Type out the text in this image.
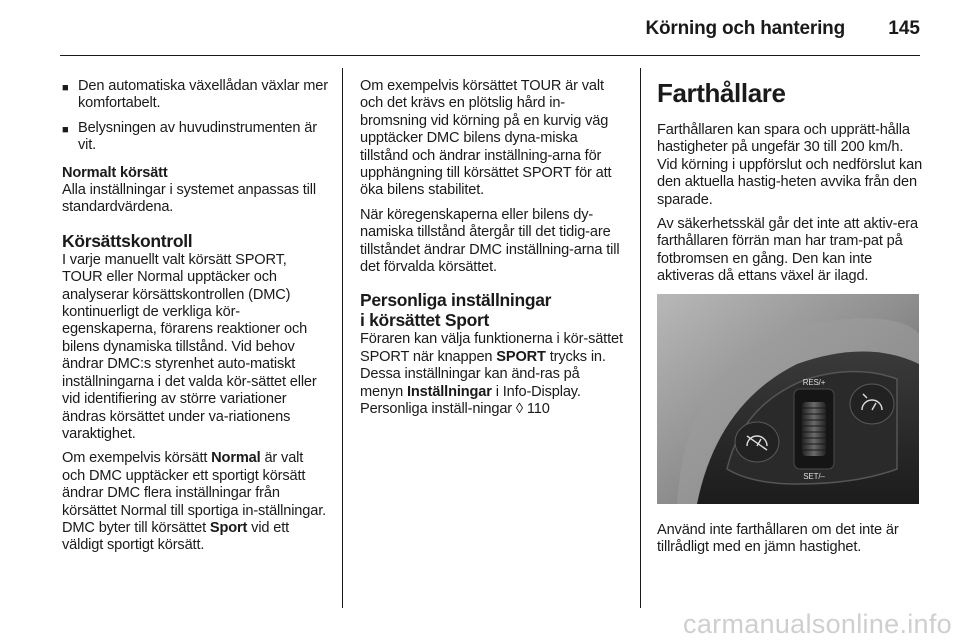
Körning och hantering 145
■ Den automatiska växellådan växlar mer komfortabelt.
■ Belysningen av huvudinstrumenten är vit.
Normalt körsätt

Alla inställningar i systemet anpassas till standardvärdena.

Körsättskontroll

I varje manuellt valt körsätt SPORT, TOUR eller Normal upptäcker och analyserar körsättskontrollen (DMC) kontinuerligt de verkliga kör-egenskaperna, förarens reaktioner och bilens dynamiska tillstånd. Vid behov ändrar DMC:s styrenhet auto-matiskt inställningarna i det valda kör-sättet eller vid identifiering av större variationer ändras körsättet under va-riationens varaktighet.

Om exempelvis körsätt Normal är valt och DMC upptäcker ett sportigt körsätt ändrar DMC flera inställningar från körsättet Normal till sportiga in-ställningar. DMC byter till körsättet Sport vid ett väldigt sportigt körsätt.

Om exempelvis körsättet TOUR är valt och det krävs en plötslig hård in-bromsning vid körning på en kurvig väg upptäcker DMC bilens dyna-miska tillstånd och ändrar inställning-arna för upphängning till körsättet SPORT för att öka bilens stabilitet.

När köregenskaperna eller bilens dy-namiska tillstånd återgår till det tidig-are tillståndet ändrar DMC inställning-arna till det förvalda körsättet.

Personliga inställningar
i körsättet Sport

Föraren kan välja funktionerna i kör-sättet SPORT när knappen SPORT trycks in. Dessa inställningar kan änd-ras på menyn Inställningar i Info-Display. Personliga inställ-ningar ◊ 110

Farthållare

Farthållaren kan spara och upprätt-hålla hastigheter på ungefär 30 till 200 km/h. Vid körning i uppförslut och nedförslut kan den aktuella hastig-heten avvika från den sparade.

Av säkerhetsskäl går det inte att aktiv-era farthållaren förrän man har tram-pat på fotbromsen en gång. Den kan inte aktiveras då ettans växel är ilagd.

RES/+
SET/–

Använd inte farthållaren om det inte är tillrådligt med en jämn hastighet.

carmanualsonline.info
